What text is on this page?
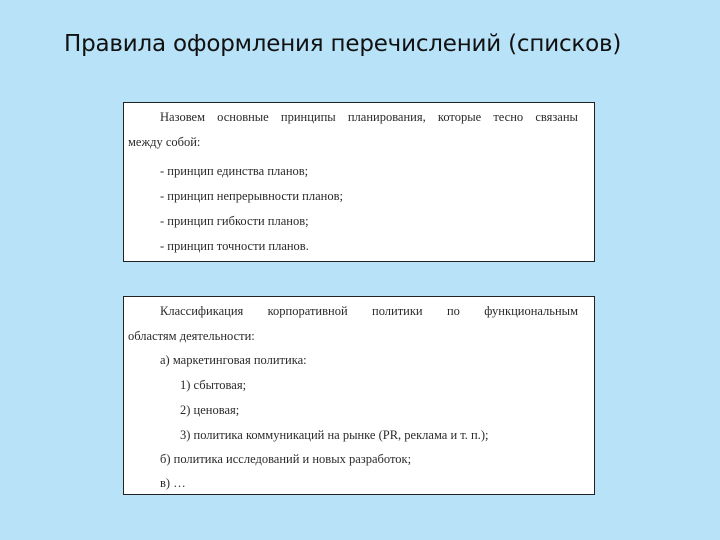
Правила оформления перечислений (списков)
Назовем основные принципы планирования, которые тесно связаны
между собой:
- принцип единства планов;
- принцип непрерывности планов;
- принцип гибкости планов;
- принцип точности планов.
Классификация корпоративной политики по функциональным
областям деятельности:
а) маркетинговая политика:
1) сбытовая;
2) ценовая;
3) политика коммуникаций на рынке (PR, реклама и т. п.);
б) политика исследований и новых разработок;
в) …
